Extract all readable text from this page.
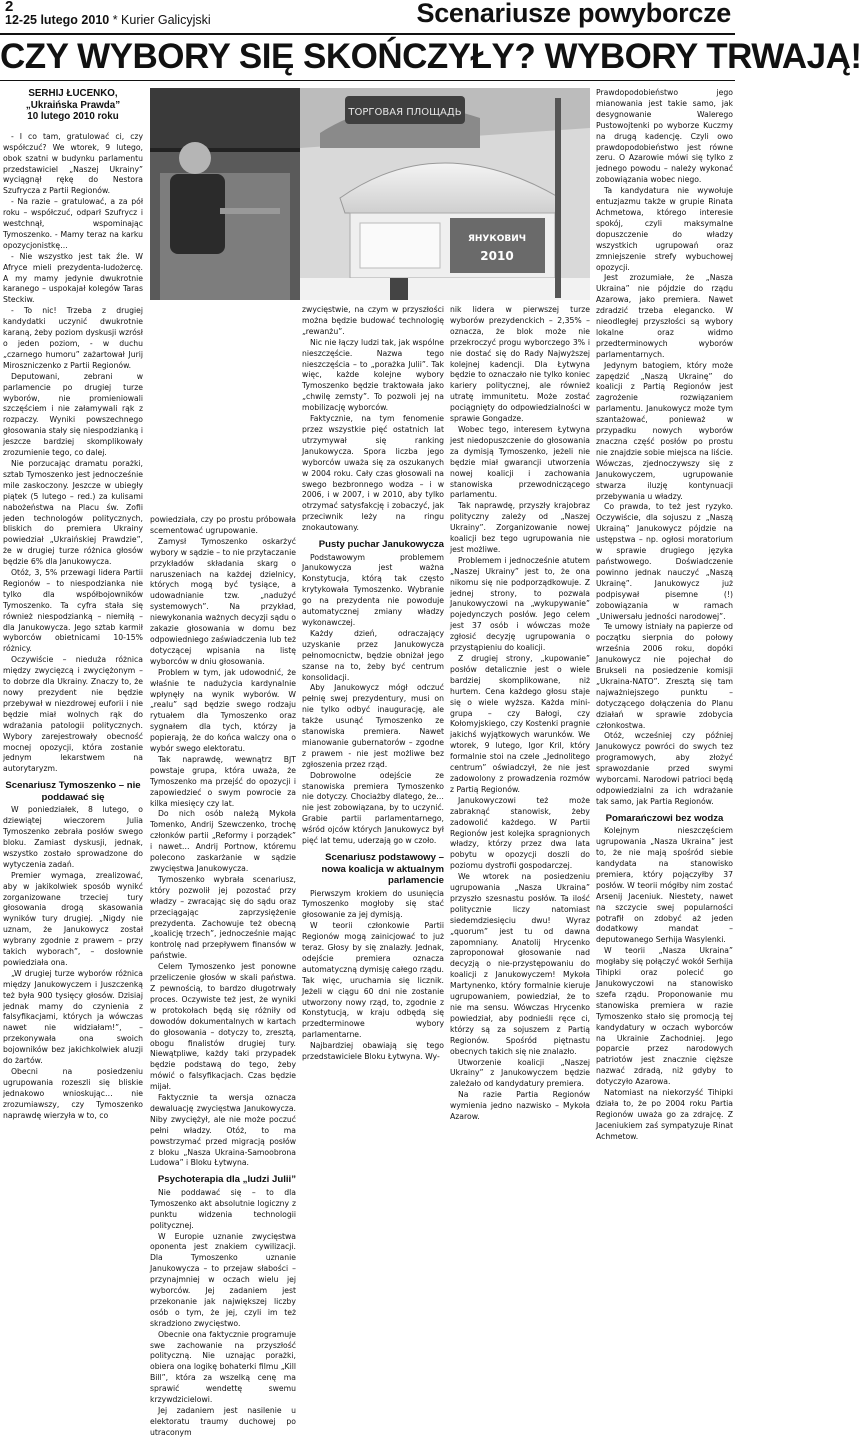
2
12-25 lutego 2010 * Kurier Galicyjski	Scenariusze powyborcze
CZY WYBORY SIĘ SKOŃCZYŁY? WYBORY TRWAJĄ!
SERHIJ ŁUCENKO,
„Ukraińska Prawda”
10 lutego 2010 roku

- I co tam, gratulować ci, czy współczuć? We wtorek, 9 lutego, obok szatni w budynku parlamentu przedstawiciel „Naszej Ukrainy” wyciągnął rękę do Nestora Szufrycza z Partii Regionów.

- Na razie – gratulować, a za pół roku – współczuć, odparł Szufrycz i westchnął, wspominając Tymoszenko. - Mamy teraz na karku opozycjonistkę…

- Nie wszystko jest tak źle. W Afryce mieli prezydenta-ludożercę. A my mamy jedynie dwukrotnie karanego – uspokajał kolegów Taras Steckiw.

- To nic! Trzeba z drugiej kandydatki uczynić dwukrotnie karaną, żeby poziom dyskusji wzrósł o jeden poziom, - w duchu „czarnego humoru” zażartował Jurij Miroszniczenko z Partii Regionów.

Deputowani, zebrani w parlamencie po drugiej turze wyborów, nie promieniowali szczęściem i nie załamywali rąk z rozpaczy. Wyniki powszechnego głosowania stały się niespodzianką i jeszcze bardziej skomplikowały zrozumienie tego, co dalej.

Nie porzucając dramatu porażki, sztab Tymoszenko jest jednocześnie mile zaskoczony. Jeszcze w ubiegły piątek (5 lutego – red.) za kulisami nabożeństwa na Placu św. Zofii jeden technologów politycznych, bliskich do premiera Ukrainy powiedział „Ukraińskiej Prawdzie”, że w drugiej turze różnica głosów będzie 6% dla Janukowycza.

Otóż, 3, 5% przewagi lidera Partii Regionów – to niespodzianka nie tylko dla współbojowników Tymoszenko. Ta cyfra stała się również niespodzianką – niemiłą – dla Janukowycza. Jego sztab karmił wyborców obietnicami 10-15% różnicy.

Oczywiście – nieduża różnica między zwycięzcą i zwyciężonym – to dobrze dla Ukrainy. Znaczy to, że nowy prezydent nie będzie przebywał w niezdrowej euforii i nie będzie miał wolnych rąk do wdrażania patologii politycznych. Wybory zarejestrowały obecność mocnej opozycji, która zostanie jednym lekarstwem na autorytaryzm.

Scenariusz Tymoszenko – nie poddawać się

W poniedziałek, 8 lutego, o dziewiątej wieczorem Julia Tymoszenko zebrała posłów swego bloku. Zamiast dyskusji, jednak, wszystko zostało sprowadzone do wytyczenia zadań.

Premier wymaga, zrealizować, aby w jakikolwiek sposób wynikć zorganizowane trzeciej tury głosowania drogą skasowania wyników tury drugiej. „Nigdy nie uznam, że Janukowycz został wybrany zgodnie z prawem – przy takich wyborach”, – dosłownie powiedziała ona.

„W drugiej turze wyborów różnica między Janukowyczem i Juszczenką też była 900 tysięcy głosów. Dzisiaj jednak mamy do czynienia z falsyfikacjami, których ja wówczas nawet nie widziałam!”, – przekonywała ona swoich bojowników bez jakichkolwiek aluzji do żartów.

Obecni na posiedzeniu ugrupowania rozeszli się bliskie jednakowo wnioskując… nie zrozumiawszy, czy Tymoszenko naprawdę wierzyła w to, co

ТОРГОВАЯ ПЛОЩАДЬ
ЯНУКОВИЧ
2010

powiedziała, czy po prostu próbowała scementować ugrupowanie.

Zamysł Tymoszenko oskarżyć wybory w sądzie – to nie przytaczanie przykładów składania skarg o naruszeniach na każdej dzielnicy, których mogą być tysiące, a udowadnianie tzw. „nadużyć systemowych”. Na przykład, niewykonania ważnych decyzji sądu o zakazie głosowania w domu bez odpowiedniego zaświadczenia lub też dotyczącej wpisania na listę wyborców w dniu głosowania.

Problem w tym, jak udowodnić, że właśnie te nadużycia kardynalnie wpłynęły na wynik wyborów. W „realu” sąd będzie swego rodzaju rytuałem dla Tymoszenko oraz sygnałem dla tych, którzy ja popierają, że do końca walczy ona o wybór swego elektoratu.

Tak naprawdę, wewnątrz BJT powstaje grupa, która uważa, że Tymoszenko ma przejść do opozycji i zapowiedzieć o swym powrocie za kilka miesięcy czy lat.

Do nich osób należą Mykoła Tomenko, Andrij Szewczenko, trochę członków partii „Reformy i porządek” i nawet… Andrij Portnow, któremu polecono zaskarżanie w sądzie zwycięstwa Janukowycza.

Tymoszenko wybrała scenariusz, który pozwolił jej pozostać przy władzy – zwracając się do sądu oraz przeciągając zaprzysiężenie prezydenta. Zachowuje też obecną „koalicję trzech”, jednocześnie mając kontrolę nad przepływem finansów w państwie.

Celem Tymoszenko jest ponowne przeliczenie głosów w skali państwa. Z pewnością, to bardzo długotrwały proces. Oczywiste też jest, że wyniki w protokołach będą się różniły od dowodów dokumentalnych w kartach do głosowania – dotyczy to, zresztą, obogu finalistów drugiej tury. Niewątpliwe, każdy taki przypadek będzie podstawą do tego, żeby mówić o falsyfikacjach. Czas będzie mijał.

Faktycznie ta wersja oznacza dewaluację zwycięstwa Janukowycza. Niby zwyciężył, ale nie może poczuć pełni władzy. Otóż, to ma powstrzymać przed migracją posłów z bloku „Nasza Ukraina-Samoobrona Ludowa” i Bloku Łytwyna.

Psychoterapia dla „ludzi Julii”

Nie poddawać się – to dla Tymoszenko akt absolutnie logiczny z punktu widzenia technologii politycznej.

W Europie uznanie zwycięstwa oponenta jest znakiem cywilizacji. Dla Tymoszenko uznanie Janukowycza – to przejaw słabości – przynajmniej w oczach wielu jej wyborców. Jej zadaniem jest przekonanie jak największej liczby osób o tym, że jej, czyli im też skradziono zwycięstwo.

Obecnie ona faktycznie programuje swe zachowanie na przyszłość polityczną. Nie uznając porażki, obiera ona logikę bohaterki filmu „Kill Bill”, która za wszelką cenę ma sprawić wendettę swemu krzywdzicielowi.

Jej zadaniem jest nasilenie u elektoratu traumy duchowej po utraconym

zwycięstwie, na czym w przyszłości można będzie budować technologię „rewanżu”.

Nic nie łączy ludzi tak, jak wspólne nieszczęście. Nazwa tego nieszczęścia – to „porażka Julii”. Tak więc, każde kolejne wybory Tymoszenko będzie traktowała jako „chwilę zemsty”. To pozwoli jej na mobilizację wyborców.

Faktycznie, na tym fenomenie przez wszystkie pięć ostatnich lat utrzymywał się ranking Janukowycza. Spora liczba jego wyborców uważa się za oszukanych w 2004 roku. Cały czas głosowali na swego bezbronnego wodza – i w 2006, i w 2007, i w 2010, aby tylko otrzymać satysfakcję i zobaczyć, jak przeciwnik leży na ringu znokautowany.

Pusty puchar Janukowycza

Podstawowym problemem Janukowycza jest ważna Konstytucja, którą tak często krytykowała Tymoszenko. Wybranie go na prezydenta nie powoduje automatycznej zmiany władzy wykonawczej.

Każdy dzień, odraczający uzyskanie przez Janukowycza pełnomocnictw, będzie obniżał jego szanse na to, żeby być centrum konsolidacji.

Aby Janukowycz mógł odczuć pełnię swej prezydentury, musi on nie tylko odbyć inaugurację, ale także usunąć Tymoszenko ze stanowiska premiera. Nawet mianowanie gubernatorów – zgodne z prawem - nie jest możliwe bez zgłoszenia przez rząd.

Dobrowolne odejście ze stanowiska premiera Tymoszenko nie dotyczy. Chociażby dlatego, że… nie jest zobowiązana, by to uczynić. Grabie partii parlamentarnego, wśród ojców których Janukowycz był pięć lat temu, uderzają go w czoło.

Scenariusz podstawowy – nowa koalicja w aktualnym parlamencie

Pierwszym krokiem do usunięcia Tymoszenko mogłoby się stać głosowanie za jej dymisją.

W teorii członkowie Partii Regionów mogą zainicjować to już teraz. Głosy by się znalazły. Jednak, odejście premiera oznacza automatyczną dymisję całego rządu. Tak więc, uruchamia się licznik. Jeżeli w ciągu 60 dni nie zostanie utworzony nowy rząd, to, zgodnie z Konstytucją, w kraju odbędą się przedterminowe wybory parlamentarne.

Najbardziej obawiają się tego przedstawiciele Bloku Łytwyna. Wy-

nik lidera w pierwszej turze wyborów prezydenckich – 2,35% – oznacza, że blok może nie przekroczyć progu wyborczego 3% i nie dostać się do Rady Najwyższej kolejnej kadencji. Dla Łytwyna będzie to oznaczało nie tylko koniec kariery politycznej, ale również utratę immunitetu. Może zostać pociągnięty do odpowiedzialności w sprawie Gongadze.

Wobec tego, interesem Łytwyna jest niedopuszczenie do głosowania za dymisją Tymoszenko, jeżeli nie będzie miał gwarancji utworzenia nowej koalicji i zachowania stanowiska przewodniczącego parlamentu.

Tak naprawdę, przyszły krajobraz polityczny zależy od „Naszej Ukrainy”. Zorganizowanie nowej koalicji bez tego ugrupowania nie jest możliwe.

Problemem i jednocześnie atutem „Naszej Ukrainy” jest to, że ona nikomu się nie podporządkowuje. Z jednej strony, to pozwala Janukowyczowi na „wykupywanie” pojedynczych posłów. Jego celem jest 37 osób i wówczas może zgłosić decyzję ugrupowania o przystąpieniu do koalicji.

Z drugiej strony, „kupowanie” posłów detalicznie jest o wiele bardziej skomplikowane, niż hurtem. Cena każdego głosu staje się o wiele wyższa. Każda mini-grupa – czy Bałogi, czy Kołomyjskiego, czy Kostenki pragnie jakichś wyjątkowych warunków. We wtorek, 9 lutego, Igor Kril, który formalnie stoi na czele „Jednolitego centrum” oświadczył, że nie jest zadowolony z prowadzenia rozmów z Partią Regionów.

Janukowyczowi też może zabraknąć stanowisk, żeby zadowolić każdego. W Partii Regionów jest kolejka spragnionych władzy, którzy przez dwa lata pobytu w opozycji doszli do poziomu dystrofii gospodarczej.

We wtorek na posiedzeniu ugrupowania „Nasza Ukraina” przyszło szesnastu posłów. Ta ilość politycznie liczy natomiast siedemdziesięciu dwu! Wyraz „quorum” jest tu od dawna zapomniany. Anatolij Hrycenko zaproponował głosowanie nad decyzją o nie-przystępowaniu do koalicji z Janukowyczem! Mykoła Martynenko, który formalnie kieruje ugrupowaniem, powiedział, że to nie ma sensu. Wówczas Hrycenko powiedział, aby podnieśli ręce ci, którzy są za sojuszem z Partią Regionów. Spośród piętnastu obecnych takich się nie znalazło.

Utworzenie koalicji „Naszej Ukrainy” z Janukowyczem będzie zależało od kandydatury premiera.

Na razie Partia Regionów wymienia jedno nazwisko – Mykoła Azarow.

Prawdopodobieństwo jego mianowania jest takie samo, jak desygnowanie Walerego Pustowojtenki po wyborze Kuczmy na drugą kadencję. Czyli owo prawdopodobieństwo jest równe zeru. O Azarowie mówi się tylko z jednego powodu – należy wykonać zobowiązania wobec niego.

Ta kandydatura nie wywołuje entuzjazmu także w grupie Rinata Achmetowa, którego interesie spokój, czyli maksymalne dopuszczenie do władzy wszystkich ugrupowań oraz zmniejszenie strefy wybuchowej opozycji.

Jest zrozumiałe, że „Nasza Ukraina” nie pójdzie do rządu Azarowa, jako premiera. Nawet zdradzić trzeba elegancko. W nieodległej przyszłości są wybory lokalne oraz widmo przedterminowych wyborów parlamentarnych.

Jedynym batogiem, który może zapędzić „Naszą Ukrainę” do koalicji z Partią Regionów jest zagrożenie rozwiązaniem parlamentu. Janukowycz może tym szantażować, ponieważ w przypadku nowych wyborów znaczna część posłów po prostu nie znajdzie sobie miejsca na liście. Wówczas, zjednoczywszy się z Janukowyczem, ugrupowanie stwarza iluzję kontynuacji przebywania u władzy.

Co prawda, to też jest ryzyko. Oczywiście, dla sojuszu z „Naszą Ukrainą” Janukowycz pójdzie na ustępstwa – np. ogłosi moratorium w sprawie drugiego języka państwowego. Doświadczenie powinno jednak nauczyć „Naszą Ukrainę”. Janukowycz już podpisywał pisemne (!) zobowiązania w ramach „Uniwersału jedności narodowej”.

Te umowy istniały na papierze od początku sierpnia do połowy września 2006 roku, dopóki Janukowycz nie pojechał do Brukseli na posiedzenie komisji „Ukraina-NATO”. Zresztą się tam najważniejszego punktu – dotyczącego dołączenia do Planu działań w sprawie zdobycia członkostwa.

Otóż, wcześniej czy później Janukowycz powróci do swych tez programowych, aby złożyć sprawozdanie przed swymi wyborcami. Narodowi patrioci będą odpowiedzialni za ich wdrażanie tak samo, jak Partia Regionów.

Pomarańczowi bez wodza

Kolejnym nieszczęściem ugrupowania „Nasza Ukraina” jest to, że nie mają spośród siebie kandydata na stanowisko premiera, który pojączyłby 37 posłów. W teorii mógłby nim zostać Arsenij Jaceniuk. Niestety, nawet na szczycie swej popularności potrafił on zdobyć aż jeden dodatkowy mandat – deputowanego Serhija Wasylenki.

W teorii „Nasza Ukraina” mogłaby się połączyć wokół Serhija Tihipki oraz polecić go Janukowyczowi na stanowisko szefa rządu. Proponowanie mu stanowiska premiera w razie Tymoszenko stało się promocją tej kandydatury w oczach wyborców na Ukrainie Zachodniej. Jego poparcie przez narodowych patriotów jest znacznie cięższe nazwać zdradą, niż gdyby to dotyczyło Azarowa.

Natomiast na niekorzyść Tihipki działa to, że po 2004 roku Partia Regionów uważa go za zdrajcę. Z Jaceniukiem zaś sympatyzuje Rinat Achmetow.
